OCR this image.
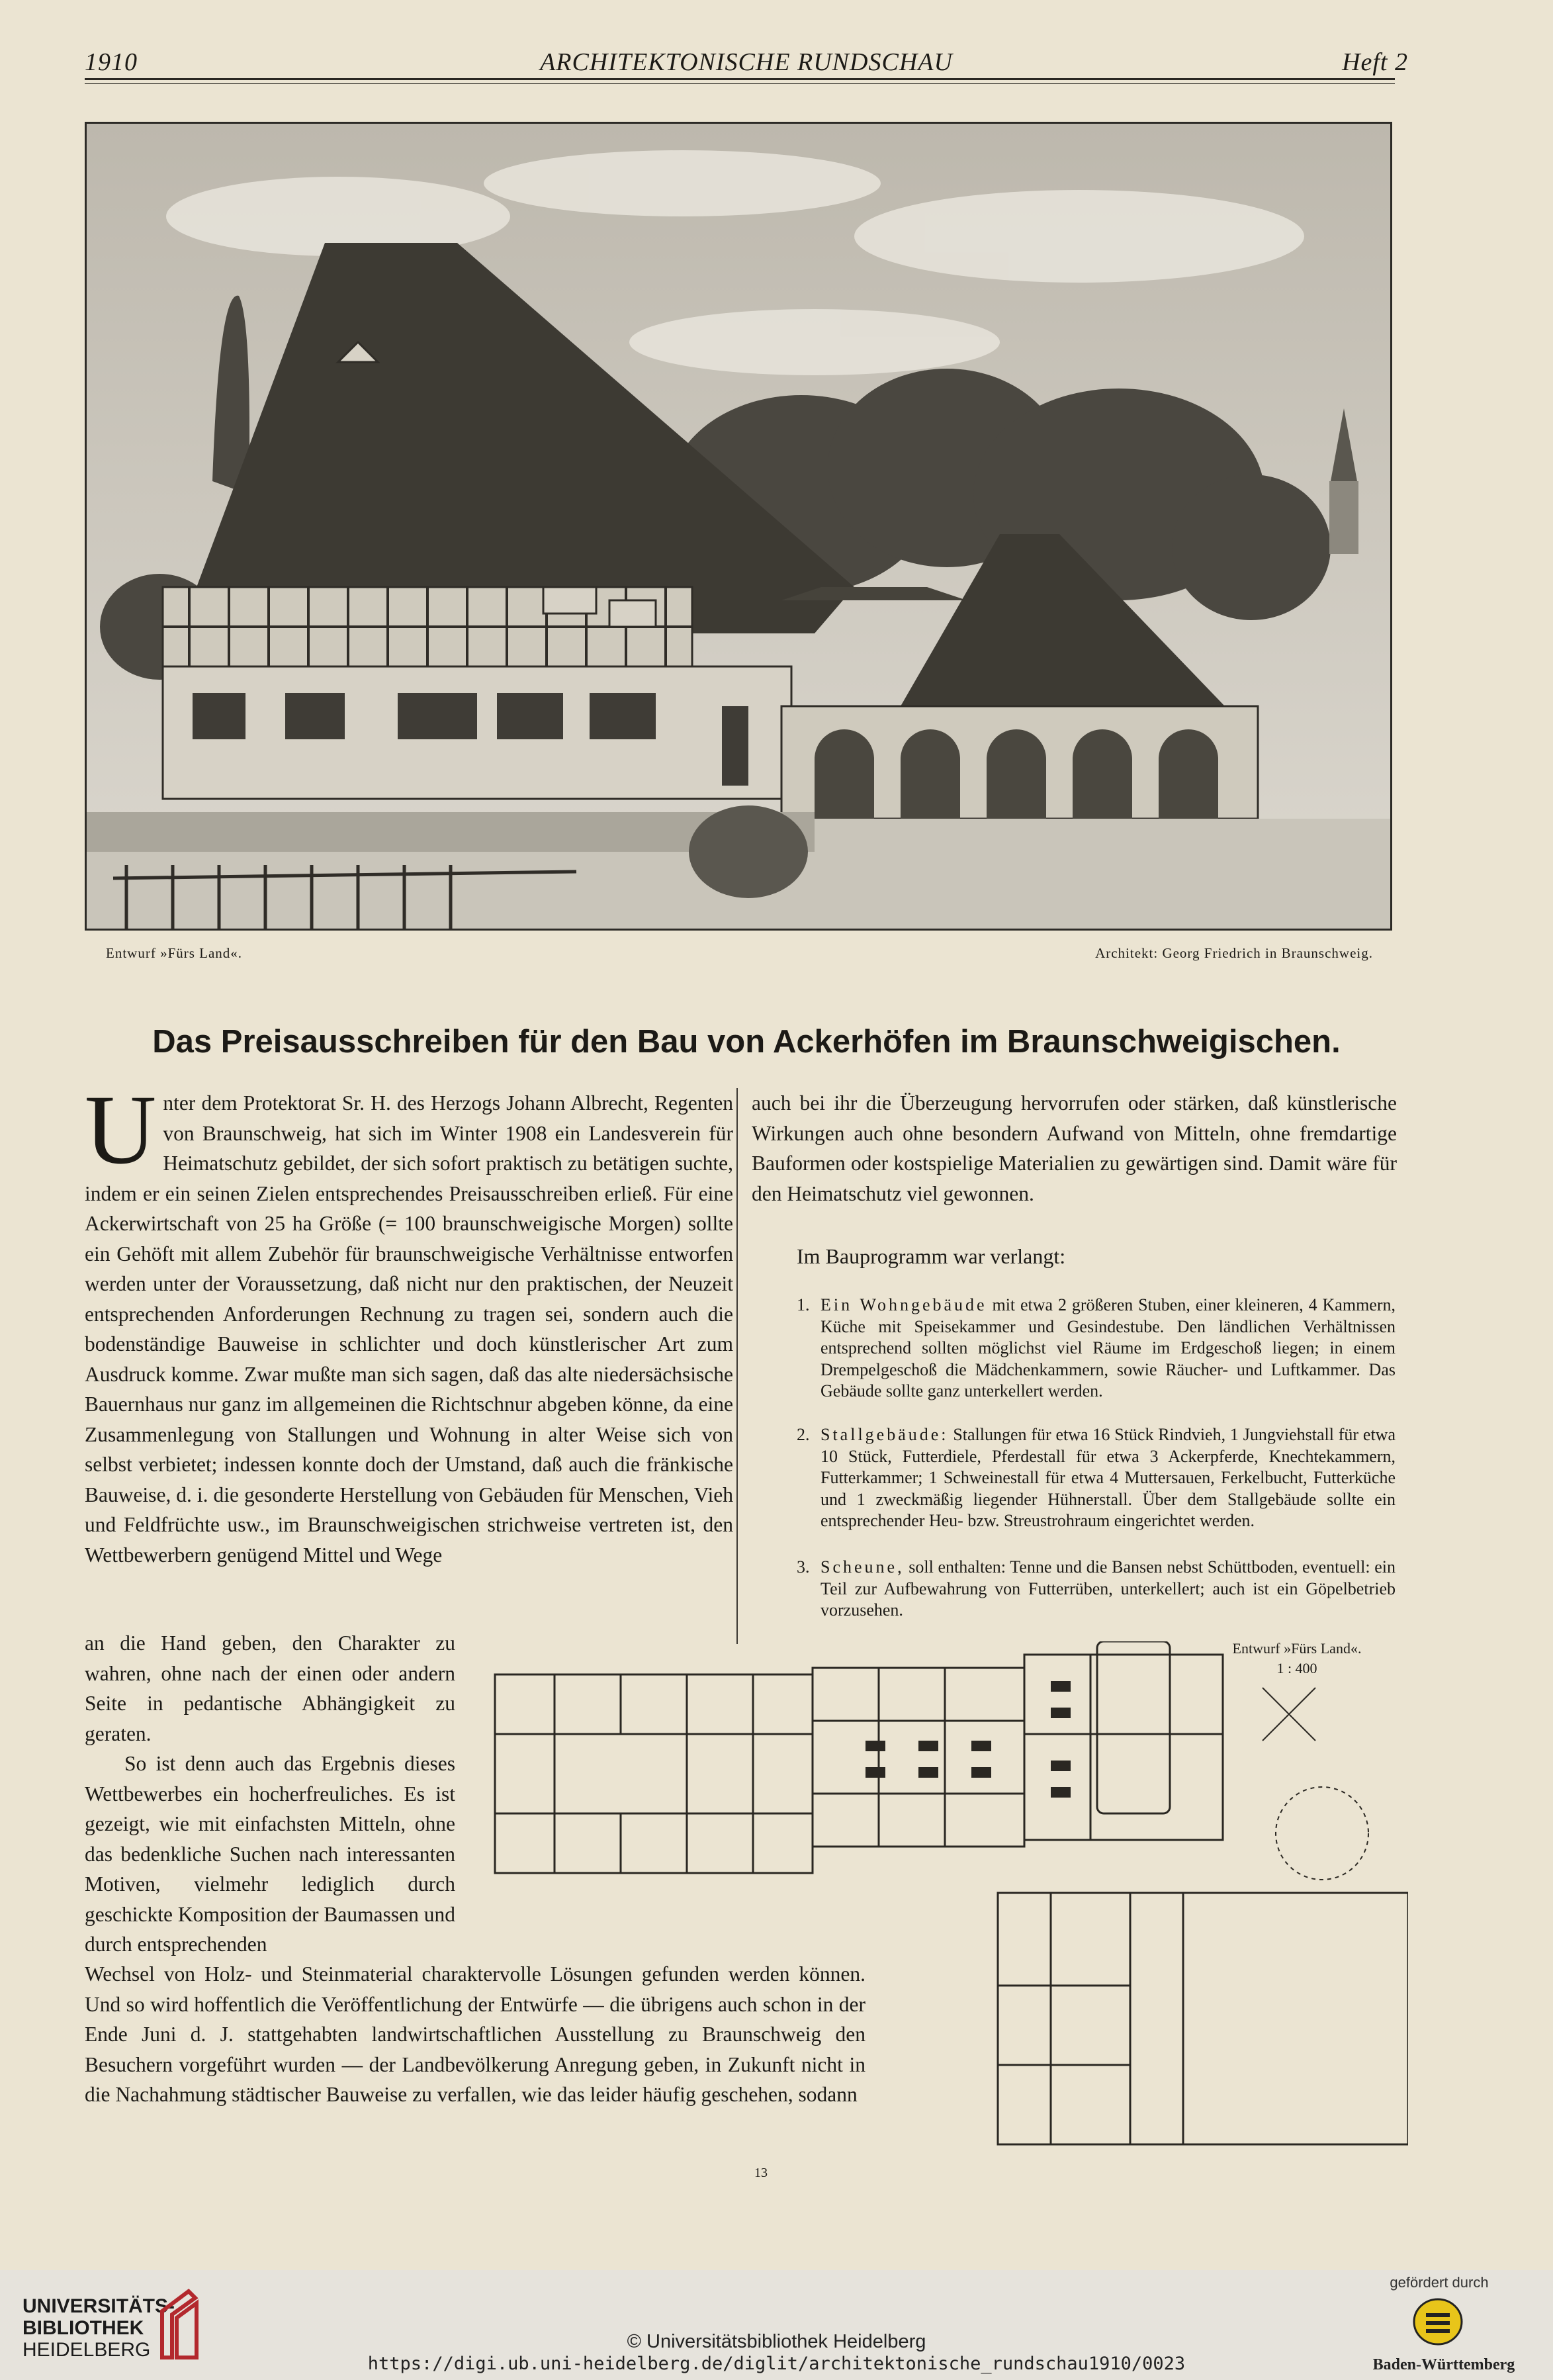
1910	ARCHITEKTONISCHE RUNDSCHAU	Heft 2
Entwurf »Fürs Land«.	Architekt: Georg Friedrich in Braunschweig.
Das Preisausschreiben für den Bau von Ackerhöfen im Braunschweigischen.
U nter dem Protektorat Sr. H. des Herzogs Johann Albrecht, Regenten von Braunschweig, hat sich im Winter 1908 ein Landesverein für Heimatschutz gebildet, der sich sofort praktisch zu betätigen suchte, indem er ein seinen Zielen entsprechendes Preisausschreiben erließ. Für eine Ackerwirtschaft von 25 ha Größe (= 100 braunschweigische Morgen) sollte ein Gehöft mit allem Zubehör für braunschweigische Verhältnisse entworfen werden unter der Voraussetzung, daß nicht nur den praktischen, der Neuzeit entsprechenden Anforderungen Rechnung zu tragen sei, sondern auch die bodenständige Bauweise in schlichter und doch künstlerischer Art zum Ausdruck komme. Zwar mußte man sich sagen, daß das alte niedersächsische Bauernhaus nur ganz im allgemeinen die Richtschnur abgeben könne, da eine Zusammenlegung von Stallungen und Wohnung in alter Weise sich von selbst verbietet; indessen konnte doch der Umstand, daß auch die fränkische Bauweise, d. i. die gesonderte Herstellung von Gebäuden für Menschen, Vieh und Feldfrüchte usw., im Braunschweigischen strichweise vertreten ist, den Wettbewerbern genügend Mittel und Wege
an die Hand geben, den Charakter zu wahren, ohne nach der einen oder andern Seite in pedantische Abhängigkeit zu geraten.
So ist denn auch das Ergebnis dieses Wettbewerbes ein hocherfreuliches. Es ist gezeigt, wie mit einfachsten Mitteln, ohne das bedenkliche Suchen nach interessanten Motiven, vielmehr lediglich durch geschickte Komposition der Baumassen und durch entsprechenden
Wechsel von Holz- und Steinmaterial charaktervolle Lösungen gefunden werden können. Und so wird hoffentlich die Veröffentlichung der Entwürfe — die übrigens auch schon in der Ende Juni d. J. stattgehabten landwirtschaftlichen Ausstellung zu Braunschweig den Besuchern vorgeführt wurden — der Landbevölkerung Anregung geben, in Zukunft nicht in die Nachahmung städtischer Bauweise zu verfallen, wie das leider häufig geschehen, sodann
auch bei ihr die Überzeugung hervorrufen oder stärken, daß künstlerische Wirkungen auch ohne besondern Aufwand von Mitteln, ohne fremdartige Bauformen oder kostspielige Materialien zu gewärtigen sind. Damit wäre für den Heimatschutz viel gewonnen.
Im Bauprogramm war verlangt:
1. Ein Wohngebäude mit etwa 2 größeren Stuben, einer kleineren, 4 Kammern, Küche mit Speisekammer und Gesindestube. Den ländlichen Verhältnissen entsprechend sollten möglichst viel Räume im Erdgeschoß liegen; in einem Drempelgeschoß die Mädchenkammern, sowie Räucher- und Luftkammer. Das Gebäude sollte ganz unterkellert werden.
2. Stallgebäude: Stallungen für etwa 16 Stück Rindvieh, 1 Jungviehstall für etwa 10 Stück, Futterdiele, Pferdestall für etwa 3 Ackerpferde, Knechtekammern, Futterkammer; 1 Schweinestall für etwa 4 Muttersauen, Ferkelbucht, Futterküche und 1 zweckmäßig liegender Hühnerstall. Über dem Stallgebäude sollte ein entsprechender Heu- bzw. Streustrohraum eingerichtet werden.
3. Scheune, soll enthalten: Tenne und die Bansen nebst Schüttboden, eventuell: ein Teil zur Aufbewahrung von Futterrüben, unterkellert; auch ist ein Göpelbetrieb vorzusehen.
Entwurf »Fürs Land«.
1 : 400
13
UNIVERSITÄTS-
BIBLIOTHEK
HEIDELBERG	© Universitätsbibliothek Heidelberg
https://digi.ub.uni-heidelberg.de/diglit/architektonische_rundschau1910/0023
gefördert durch
Baden-Württemberg
